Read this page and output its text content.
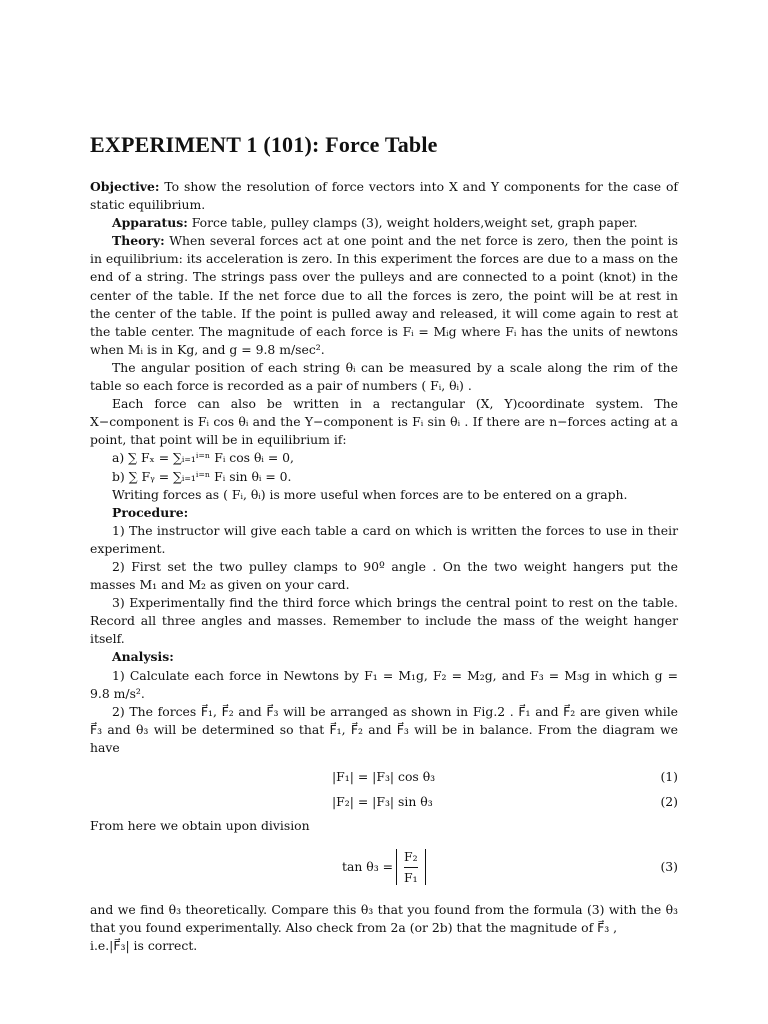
EXPERIMENT 1 (101): Force Table

Objective: To show the resolution of force vectors into X and Y components for the case of static equilibrium.

Apparatus: Force table, pulley clamps (3), weight holders,weight set, graph paper.

Theory: When several forces act at one point and the net force is zero, then the point is in equilibrium: its acceleration is zero. In this experiment the forces are due to a mass on the end of a string. The strings pass over the pulleys and are connected to a point (knot) in the center of the table. If the net force due to all the forces is zero, the point will be at rest in the center of the table. If the point is pulled away and released, it will come again to rest at the table center. The magnitude of each force is Fᵢ = Mᵢg where Fᵢ has the units of newtons when Mᵢ is in Kg, and g = 9.8 m/sec².

The angular position of each string θᵢ can be measured by a scale along the rim of the table so each force is recorded as a pair of numbers ( Fᵢ, θᵢ) .

Each force can also be written in a rectangular (X, Y)coordinate system. The X−component is Fᵢ cos θᵢ and the Y−component is Fᵢ sin θᵢ . If there are n−forces acting at a point, that point will be in equilibrium if:

a) ∑ Fₓ = ∑ᵢ₌₁ⁱ⁼ⁿ Fᵢ cos θᵢ = 0,

b) ∑ Fᵧ = ∑ᵢ₌₁ⁱ⁼ⁿ Fᵢ sin θᵢ = 0.

Writing forces as ( Fᵢ, θᵢ) is more useful when forces are to be entered on a graph.

Procedure:

1) The instructor will give each table a card on which is written the forces to use in their experiment.

2) First set the two pulley clamps to 90º angle . On the two weight hangers put the masses M₁ and M₂ as given on your card.

3) Experimentally find the third force which brings the central point to rest on the table. Record all three angles and masses. Remember to include the mass of the weight hanger itself.

Analysis:

1) Calculate each force in Newtons by F₁ = M₁g, F₂ = M₂g, and F₃ = M₃g in which g = 9.8 m/s².

2) The forces F⃗₁, F⃗₂ and F⃗₃ will be arranged as shown in Fig.2 . F⃗₁ and F⃗₂ are given while F⃗₃ and θ₃ will be determined so that F⃗₁, F⃗₂ and F⃗₃ will be in balance. From the diagram we have

|F₁| = |F₃| cos θ₃	(1)
|F₂| = |F₃| sin θ₃	(2)

From here we obtain upon division

$\tan \theta_3 = \frac{\text{F₂}}{\text{F₁}}$	(3)

and we find θ₃ theoretically. Compare this θ₃ that you found from the formula (3) with the θ₃ that you found experimentally. Also check from 2a (or 2b) that the magnitude of F⃗₃ ,

i.e.|F⃗₃| is correct.
